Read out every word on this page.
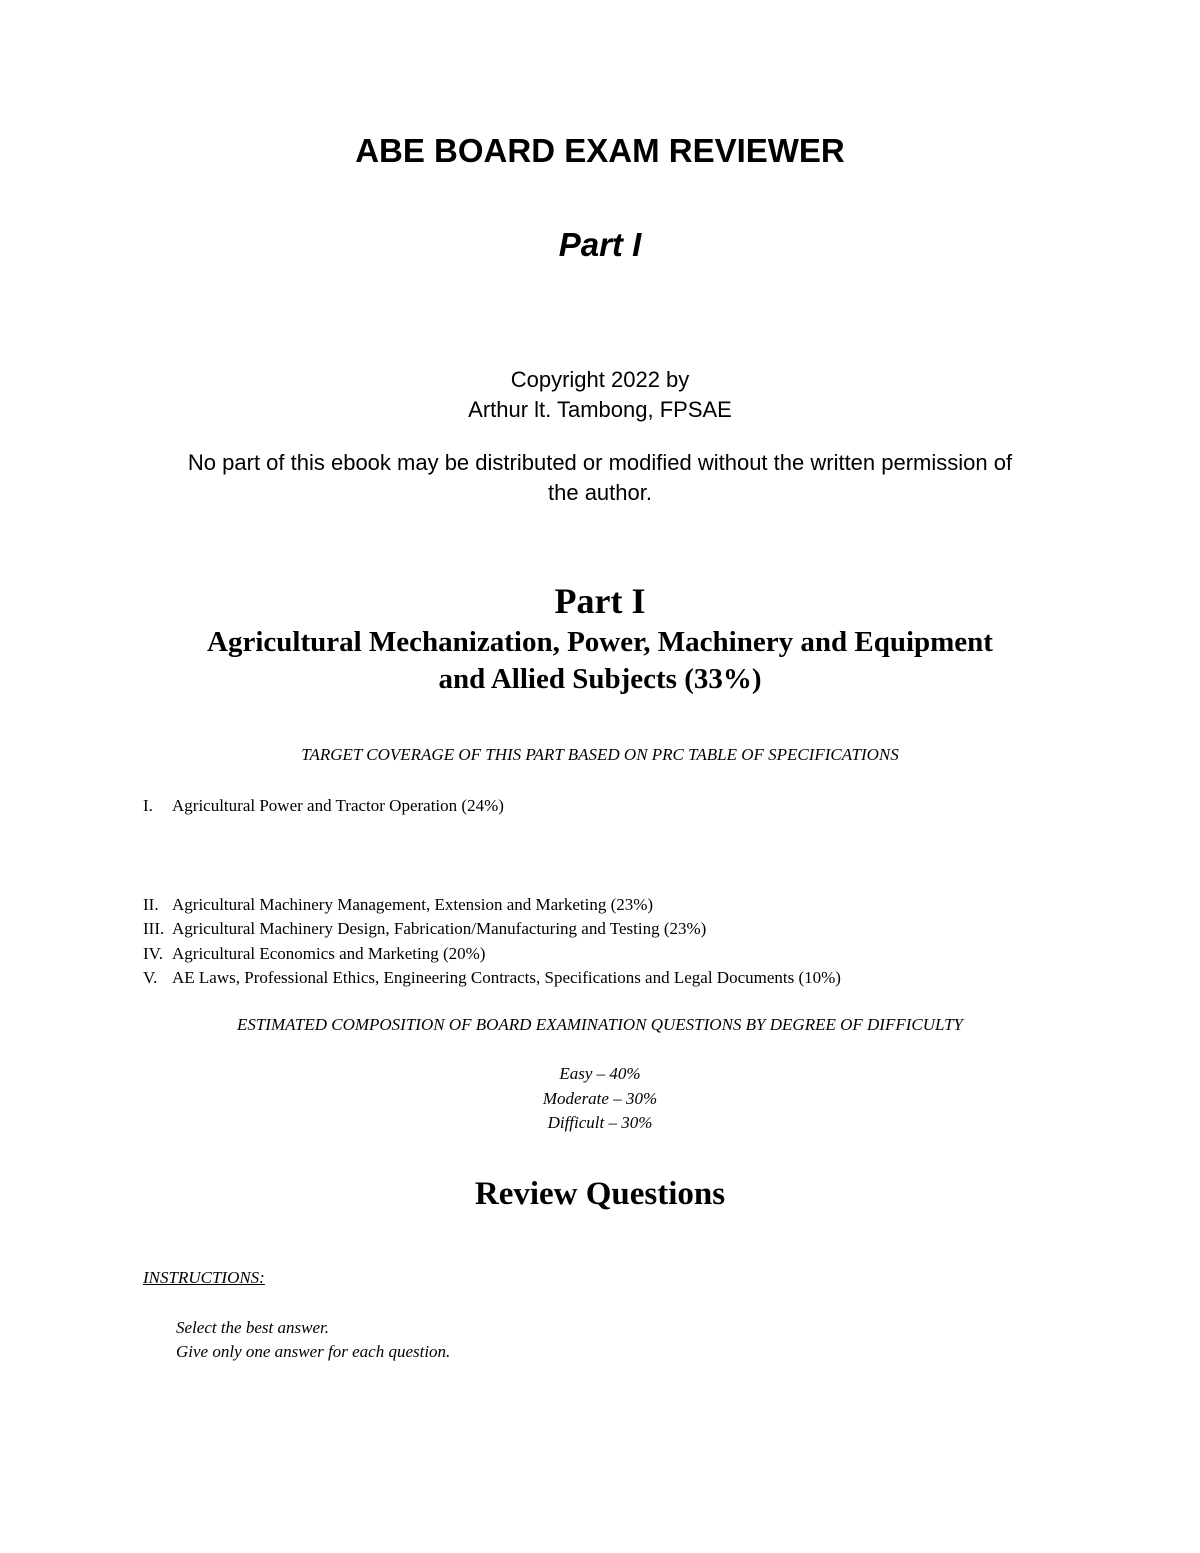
ABE BOARD EXAM REVIEWER
Part I
Copyright 2022 by
Arthur lt. Tambong, FPSAE
No part of this ebook may be distributed or modified without the written permission of
the author.
Part I
Agricultural Mechanization, Power, Machinery and Equipment
and Allied Subjects (33%)
TARGET COVERAGE OF THIS PART BASED ON PRC TABLE OF SPECIFICATIONS
I. Agricultural Power and Tractor Operation (24%)
II. Agricultural Machinery Management, Extension and Marketing (23%)
III. Agricultural Machinery Design, Fabrication/Manufacturing and Testing (23%)
IV. Agricultural Economics and Marketing (20%)
V. AE Laws, Professional Ethics, Engineering Contracts, Specifications and Legal Documents (10%)
ESTIMATED COMPOSITION OF BOARD EXAMINATION QUESTIONS BY DEGREE OF DIFFICULTY
Easy – 40%
Moderate – 30%
Difficult – 30%
Review Questions
INSTRUCTIONS:
Select the best answer.
Give only one answer for each question.
